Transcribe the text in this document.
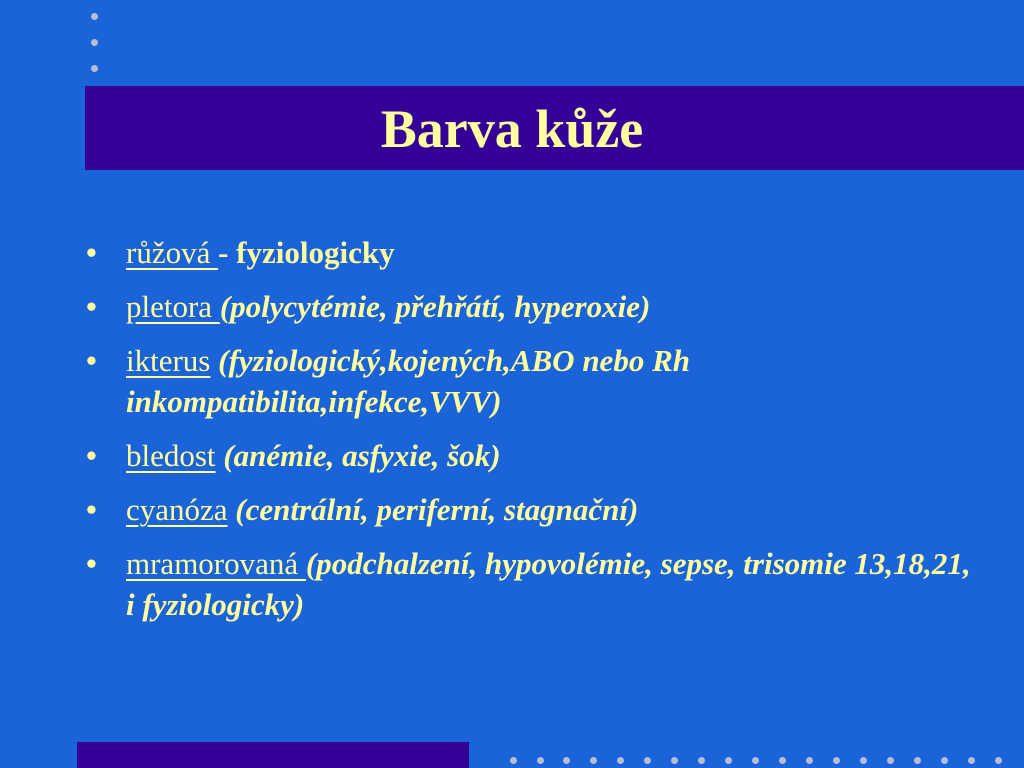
Barva kůže
• růžová - fyziologicky
• pletora (polycytémie, přehřátí, hyperoxie)
• ikterus (fyziologický,kojených,ABO nebo Rh inkompatibilita,infekce,VVV)
• bledost (anémie, asfyxie, šok)
• cyanóza (centrální, periferní, stagnační)
• mramorovaná (podchalzení, hypovolémie, sepse, trisomie 13,18,21, i fyziologicky)
